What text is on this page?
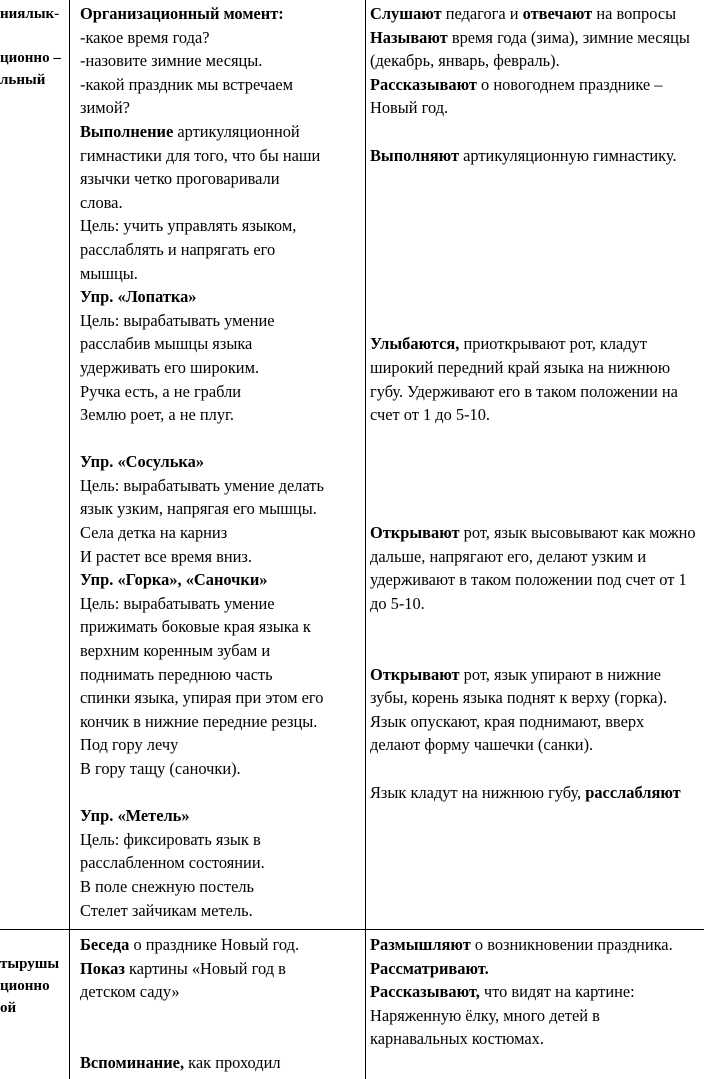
ниялык-

ционно –
льный
Организационный момент:
-какое время года?
-назовите зимние месяцы.
-какой праздник мы встречаем
зимой?
Выполнение артикуляционной
гимнастики для того, что бы наши
язычки четко проговаривали
слова.
Цель: учить управлять языком,
расслаблять и напрягать его
мышцы.
Упр. «Лопатка»
Цель: вырабатывать умение
расслабив мышцы языка
удерживать его широким.
Ручка есть, а не грабли
Землю роет, а не плуг.

Упр. «Сосулька»
Цель: вырабатывать умение делать
язык узким, напрягая его мышцы.
Села детка на карниз
И растет все время вниз.
Упр. «Горка», «Саночки»
Цель: вырабатывать умение
прижимать боковые края языка к
верхним коренным зубам и
поднимать переднюю часть
спинки языка, упирая при этом его
кончик в нижние передние резцы.
Под гору лечу
В гору тащу (саночки).

Упр. «Метель»
Цель: фиксировать язык в
расслабленном состоянии.
В поле снежную постель
Стелет зайчикам метель.
Слушают педагога и отвечают на вопросы
Называют время года (зима), зимние месяцы
(декабрь, январь, февраль).
Рассказывают о новогоднем празднике –
Новый год.

Выполняют артикуляционную гимнастику.

Улыбаются, приоткрывают рот, кладут
широкий передний край языка на нижнюю
губу. Удерживают его в таком положении на
счет от 1 до 5-10.

Открывают рот, язык высовывают как можно
дальше, напрягают его, делают узким и
удерживают в таком положении под счет от 1
до 5-10.

Открывают рот, язык упирают в нижние
зубы, корень языка поднят к верху (горка).
Язык опускают, края поднимают, вверх
делают форму чашечки (санки).

Язык кладут на нижнюю губу, расслабляют
тырушы
ционно
ой
Беседа о празднике Новый год.
Показ картины «Новый год в
детском саду»

Вспоминание, как проходил
Размышляют о возникновении праздника.
Рассматривают.
Рассказывают, что видят на картине:
Наряженную ёлку, много детей в
карнавальных костюмах.
